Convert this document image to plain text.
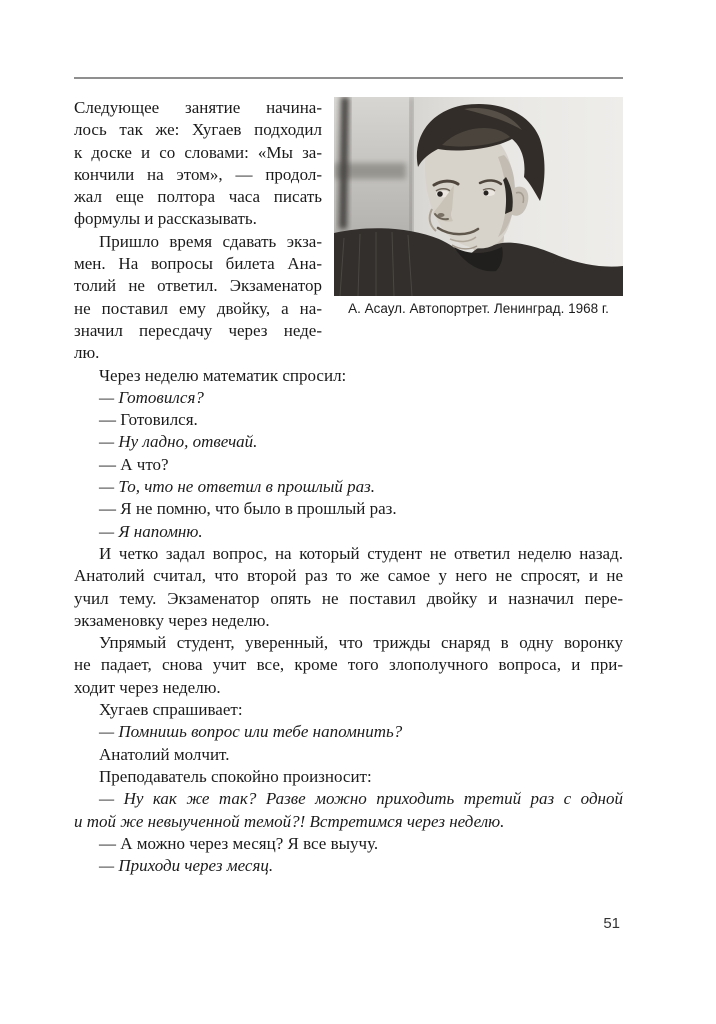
А. Асаул. Автопортрет. Ленинград. 1968 г.
Следующее занятие начина-
лось так же: Хугаев подходил
к доске и со словами: «Мы за-
кончили на этом», — продол-
жал еще полтора часа писать
формулы и рассказывать.
Пришло время сдавать экза-
мен. На вопросы билета Ана-
толий не ответил. Экзаменатор
не поставил ему двойку, а на-
значил пересдачу через неде-
лю.
Через неделю математик спросил:
— Готовился?
— Готовился.
— Ну ладно, отвечай.
— А что?
— То, что не ответил в прошлый раз.
— Я не помню, что было в прошлый раз.
— Я напомню.
И четко задал вопрос, на который студент не ответил неделю назад.
Анатолий считал, что второй раз то же самое у него не спросят, и не
учил тему. Экзаменатор опять не поставил двойку и назначил пере-
экзаменовку через неделю.
Упрямый студент, уверенный, что трижды снаряд в одну воронку
не падает, снова учит все, кроме того злополучного вопроса, и при-
ходит через неделю.
Хугаев спрашивает:
— Помнишь вопрос или тебе напомнить?
Анатолий молчит.
Преподаватель спокойно произносит:
— Ну как же так? Разве можно приходить третий раз с одной
и той же невыученной темой?! Встретимся через неделю.
— А можно через месяц? Я все выучу.
— Приходи через месяц.
51
